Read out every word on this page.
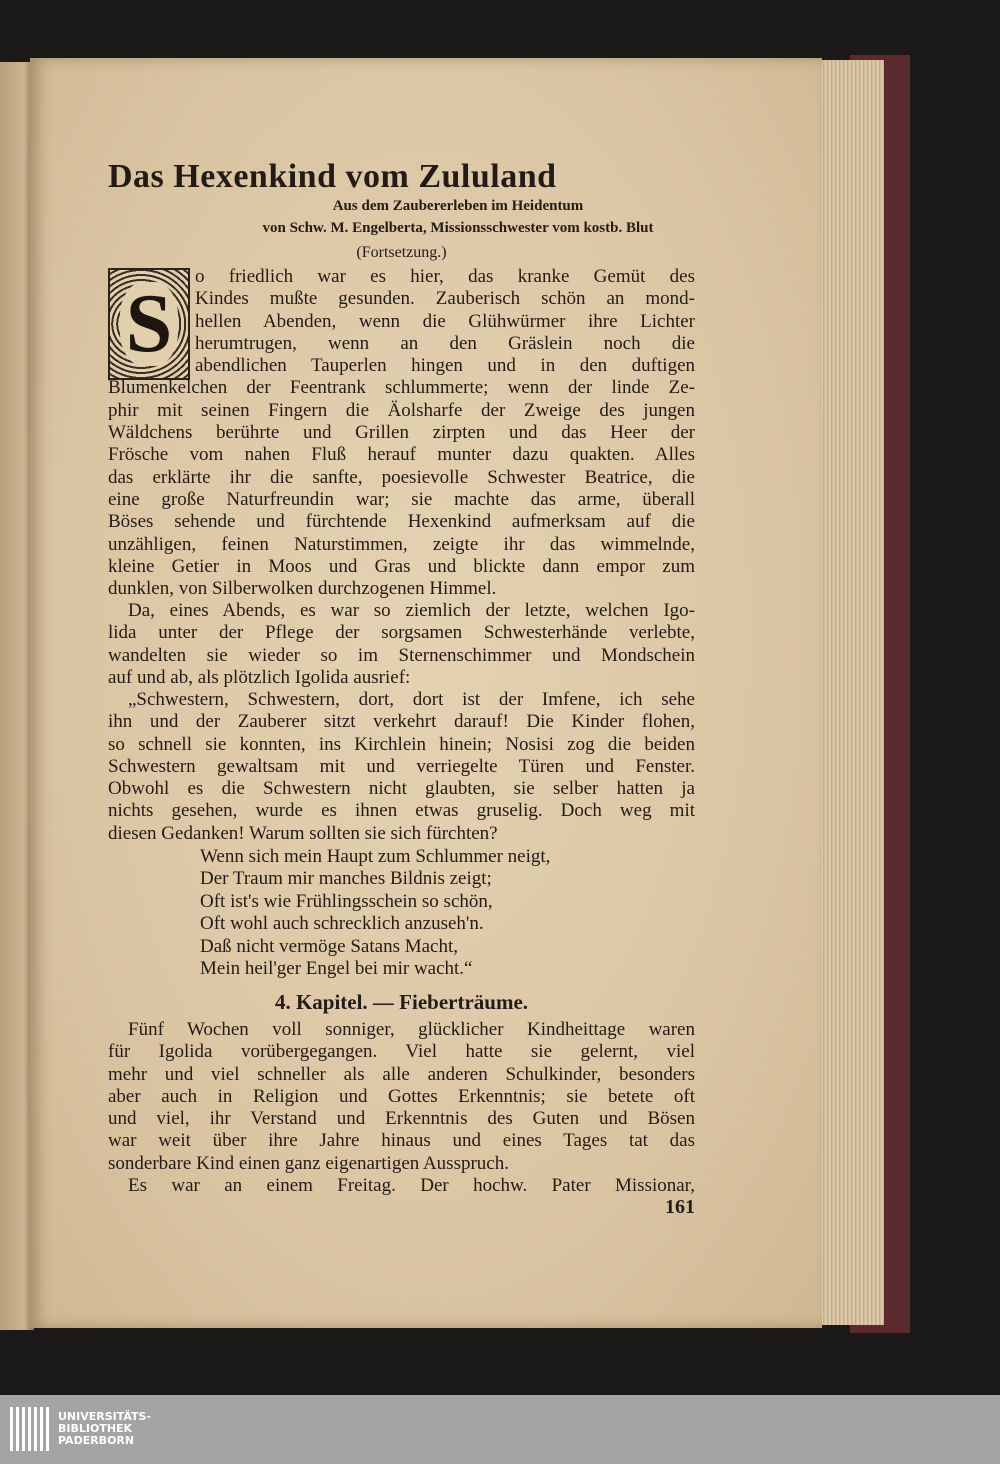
Das Hexenkind vom Zululand
Aus dem Zaubererleben im Heidentum
von Schw. M. Engelberta, Missionsschwester vom kostb. Blut
(Fortsetzung.)
S
o friedlich war es hier, das kranke Gemüt des
Kindes mußte gesunden. Zauberisch schön an mond-
hellen Abenden, wenn die Glühwürmer ihre Lichter
herumtrugen, wenn an den Gräslein noch die
abendlichen Tauperlen hingen und in den duftigen
Blumenkelchen der Feentrank schlummerte; wenn der linde Ze-
phir mit seinen Fingern die Äolsharfe der Zweige des jungen
Wäldchens berührte und Grillen zirpten und das Heer der
Frösche vom nahen Fluß herauf munter dazu quakten. Alles
das erklärte ihr die sanfte, poesievolle Schwester Beatrice, die
eine große Naturfreundin war; sie machte das arme, überall
Böses sehende und fürchtende Hexenkind aufmerksam auf die
unzähligen, feinen Naturstimmen, zeigte ihr das wimmelnde,
kleine Getier in Moos und Gras und blickte dann empor zum
dunklen, von Silberwolken durchzogenen Himmel.
Da, eines Abends, es war so ziemlich der letzte, welchen Igo-
lida unter der Pflege der sorgsamen Schwesterhände verlebte,
wandelten sie wieder so im Sternenschimmer und Mondschein
auf und ab, als plötzlich Igolida ausrief:
„Schwestern, Schwestern, dort, dort ist der Imfene, ich sehe
ihn und der Zauberer sitzt verkehrt darauf! Die Kinder flohen,
so schnell sie konnten, ins Kirchlein hinein; Nosisi zog die beiden
Schwestern gewaltsam mit und verriegelte Türen und Fenster.
Obwohl es die Schwestern nicht glaubten, sie selber hatten ja
nichts gesehen, wurde es ihnen etwas gruselig. Doch weg mit
diesen Gedanken! Warum sollten sie sich fürchten?
Wenn sich mein Haupt zum Schlummer neigt,
Der Traum mir manches Bildnis zeigt;
Oft ist's wie Frühlingsschein so schön,
Oft wohl auch schrecklich anzuseh'n.
Daß nicht vermöge Satans Macht,
Mein heil'ger Engel bei mir wacht.“
4. Kapitel. — Fieberträume.
Fünf Wochen voll sonniger, glücklicher Kindheittage waren
für Igolida vorübergegangen. Viel hatte sie gelernt, viel
mehr und viel schneller als alle anderen Schulkinder, besonders
aber auch in Religion und Gottes Erkenntnis; sie betete oft
und viel, ihr Verstand und Erkenntnis des Guten und Bösen
war weit über ihre Jahre hinaus und eines Tages tat das
sonderbare Kind einen ganz eigenartigen Ausspruch.
Es war an einem Freitag. Der hochw. Pater Missionar,
161
UNIVERSITÄTS-
BIBLIOTHEK
PADERBORN
